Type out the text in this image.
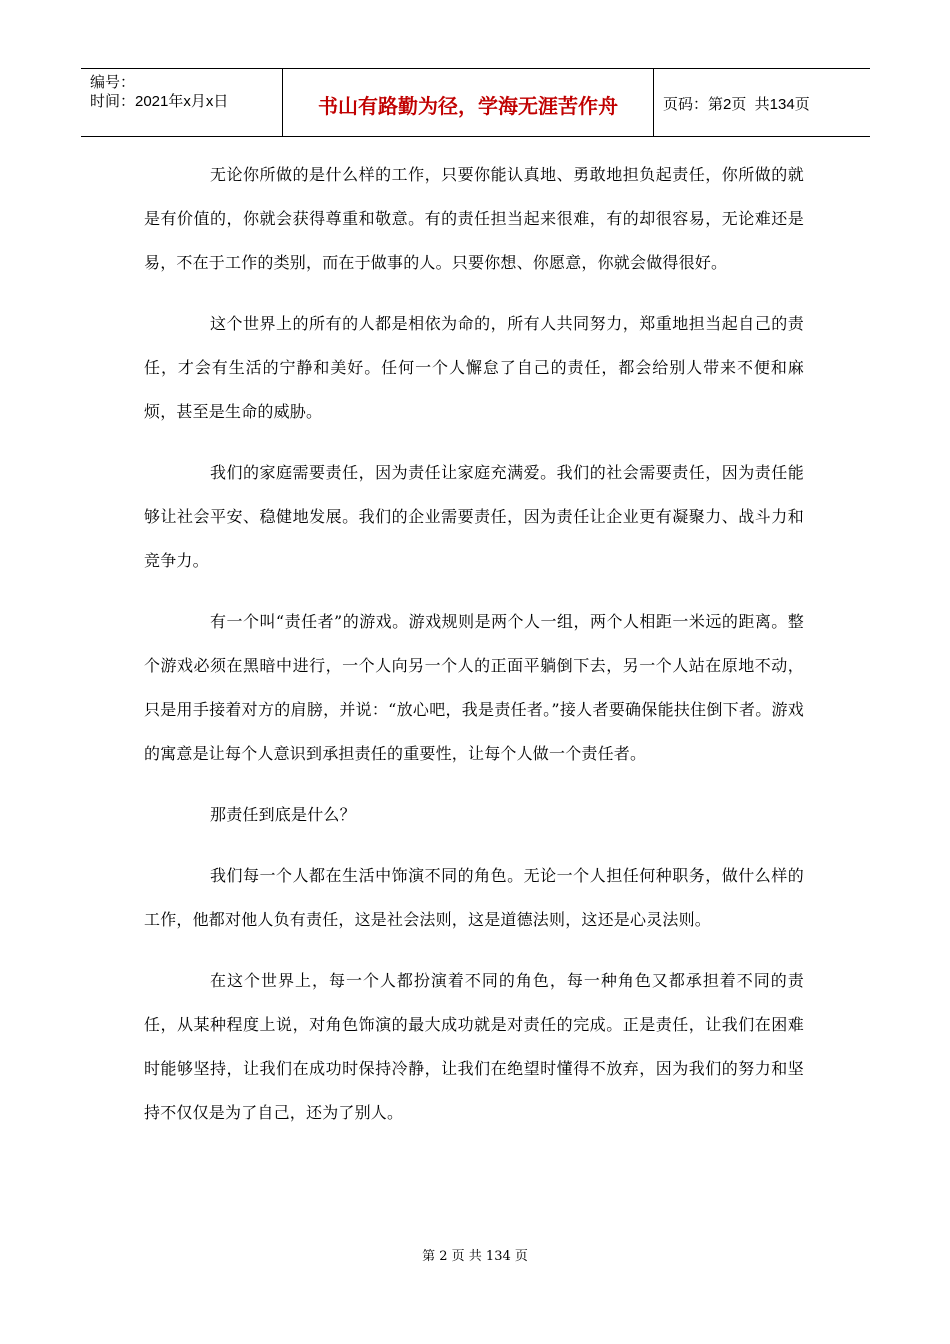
编号：
时间：2021年x月x日	书山有路勤为径，学海无涯苦作舟	页码：第2页  共134页

无论你所做的是什么样的工作，只要你能认真地、勇敢地担负起责任，你所做的就是有价值的，你就会获得尊重和敬意。有的责任担当起来很难，有的却很容易，无论难还是易，不在于工作的类别，而在于做事的人。只要你想、你愿意，你就会做得很好。

这个世界上的所有的人都是相依为命的，所有人共同努力，郑重地担当起自己的责任，才会有生活的宁静和美好。任何一个人懈怠了自己的责任，都会给别人带来不便和麻烦，甚至是生命的威胁。

我们的家庭需要责任，因为责任让家庭充满爱。我们的社会需要责任，因为责任能够让社会平安、稳健地发展。我们的企业需要责任，因为责任让企业更有凝聚力、战斗力和竞争力。

有一个叫“责任者”的游戏。游戏规则是两个人一组，两个人相距一米远的距离。整个游戏必须在黑暗中进行，一个人向另一个人的正面平躺倒下去，另一个人站在原地不动，只是用手接着对方的肩膀，并说：“放心吧，我是责任者。”接人者要确保能扶住倒下者。游戏的寓意是让每个人意识到承担责任的重要性，让每个人做一个责任者。

那责任到底是什么？

我们每一个人都在生活中饰演不同的角色。无论一个人担任何种职务，做什么样的工作，他都对他人负有责任，这是社会法则，这是道德法则，这还是心灵法则。

在这个世界上，每一个人都扮演着不同的角色，每一种角色又都承担着不同的责任，从某种程度上说，对角色饰演的最大成功就是对责任的完成。正是责任，让我们在困难时能够坚持，让我们在成功时保持冷静，让我们在绝望时懂得不放弃，因为我们的努力和坚持不仅仅是为了自己，还为了别人。

第 2 页 共 134 页
